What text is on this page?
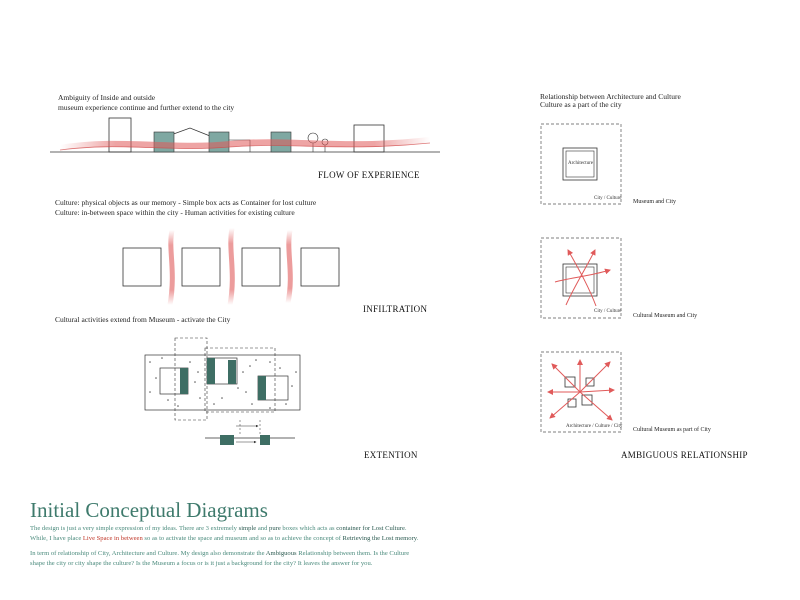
Ambiguity of Inside and outside
museum experience continue and further extend to the city
FLOW OF EXPERIENCE
Culture: physical objects as our memory - Simple box acts as Container for lost culture
Culture: in-between space within the city - Human activities for existing culture
INFILTRATION
Cultural activities extend from Museum - activate the City
EXTENTION
Relationship between Architecture and Culture
Culture as a part of the city
Architecture
City / Culture
Museum and City
City / Culture
Cultural Museum and City
Architecture / Culture / City
Cultural Museum as part of City
AMBIGUOUS RELATIONSHIP
Initial Conceptual Diagrams
The design is just a very simple expression of my ideas. There are 3 extremely simple and pure boxes which acts as container for Lost Culture.
While, I have place Live Space in between so as to activate the space and museum and so as to achieve the concept of Retrieving the Lost memory.
In term of relationship of City, Architecture and Culture. My design also demonstrate the Ambiguous Relationship between them. Is the Culture
shape the city or city shape the culture? Is the Museum a focus or is it just a background for the city? It leaves the answer for you.
